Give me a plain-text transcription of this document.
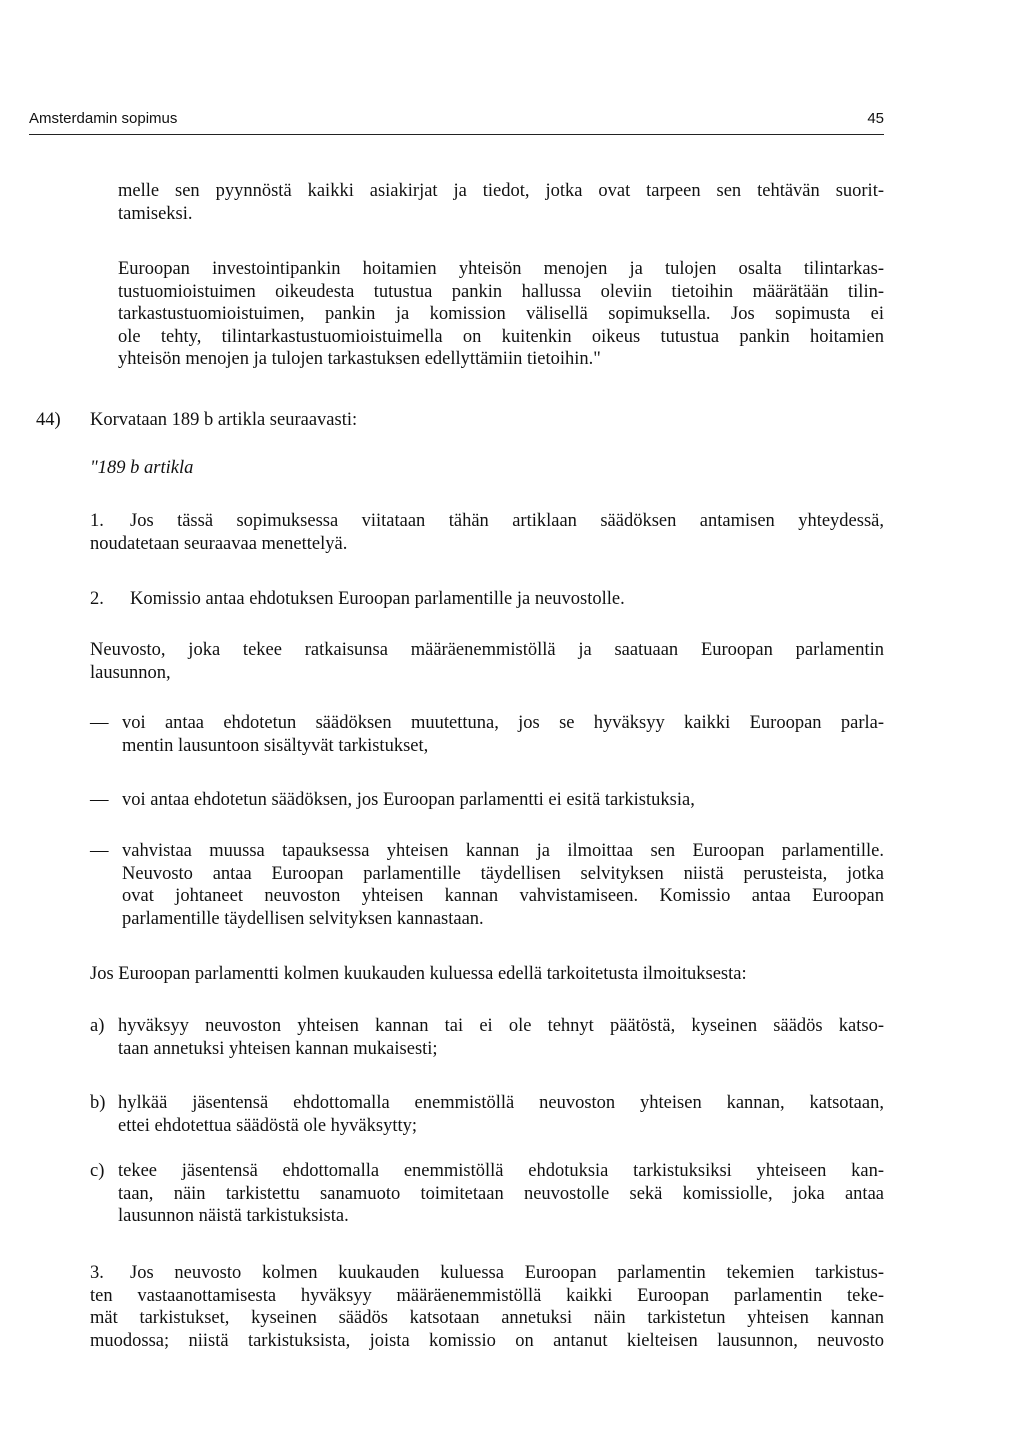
Amsterdamin sopimus	45
melle sen pyynnöstä kaikki asiakirjat ja tiedot, jotka ovat tarpeen sen tehtävän suorit-
tamiseksi.
Euroopan investointipankin hoitamien yhteisön menojen ja tulojen osalta tilintarkas-
tustuomioistuimen oikeudesta tutustua pankin hallussa oleviin tietoihin määrätään tilin-
tarkastustuomioistuimen, pankin ja komission välisellä sopimuksella. Jos sopimusta ei
ole tehty, tilintarkastustuomioistuimella on kuitenkin oikeus tutustua pankin hoitamien
yhteisön menojen ja tulojen tarkastuksen edellyttämiin tietoihin."
44) Korvataan 189 b artikla seuraavasti:
"189 b artikla
1. Jos tässä sopimuksessa viitataan tähän artiklaan säädöksen antamisen yhteydessä,
noudatetaan seuraavaa menettelyä.
2. Komissio antaa ehdotuksen Euroopan parlamentille ja neuvostolle.
Neuvosto, joka tekee ratkaisunsa määräenemmistöllä ja saatuaan Euroopan parlamentin
lausunnon,
— voi antaa ehdotetun säädöksen muutettuna, jos se hyväksyy kaikki Euroopan parla-
mentin lausuntoon sisältyvät tarkistukset,
— voi antaa ehdotetun säädöksen, jos Euroopan parlamentti ei esitä tarkistuksia,
— vahvistaa muussa tapauksessa yhteisen kannan ja ilmoittaa sen Euroopan parlamentille.
Neuvosto antaa Euroopan parlamentille täydellisen selvityksen niistä perusteista, jotka
ovat johtaneet neuvoston yhteisen kannan vahvistamiseen. Komissio antaa Euroopan
parlamentille täydellisen selvityksen kannastaan.
Jos Euroopan parlamentti kolmen kuukauden kuluessa edellä tarkoitetusta ilmoituksesta:
a) hyväksyy neuvoston yhteisen kannan tai ei ole tehnyt päätöstä, kyseinen säädös katso-
taan annetuksi yhteisen kannan mukaisesti;
b) hylkää jäsentensä ehdottomalla enemmistöllä neuvoston yhteisen kannan, katsotaan,
ettei ehdotettua säädöstä ole hyväksytty;
c) tekee jäsentensä ehdottomalla enemmistöllä ehdotuksia tarkistuksiksi yhteiseen kan-
taan, näin tarkistettu sanamuoto toimitetaan neuvostolle sekä komissiolle, joka antaa
lausunnon näistä tarkistuksista.
3. Jos neuvosto kolmen kuukauden kuluessa Euroopan parlamentin tekemien tarkistus-
ten vastaanottamisesta hyväksyy määräenemmistöllä kaikki Euroopan parlamentin teke-
mät tarkistukset, kyseinen säädös katsotaan annetuksi näin tarkistetun yhteisen kannan
muodossa; niistä tarkistuksista, joista komissio on antanut kielteisen lausunnon, neuvosto
